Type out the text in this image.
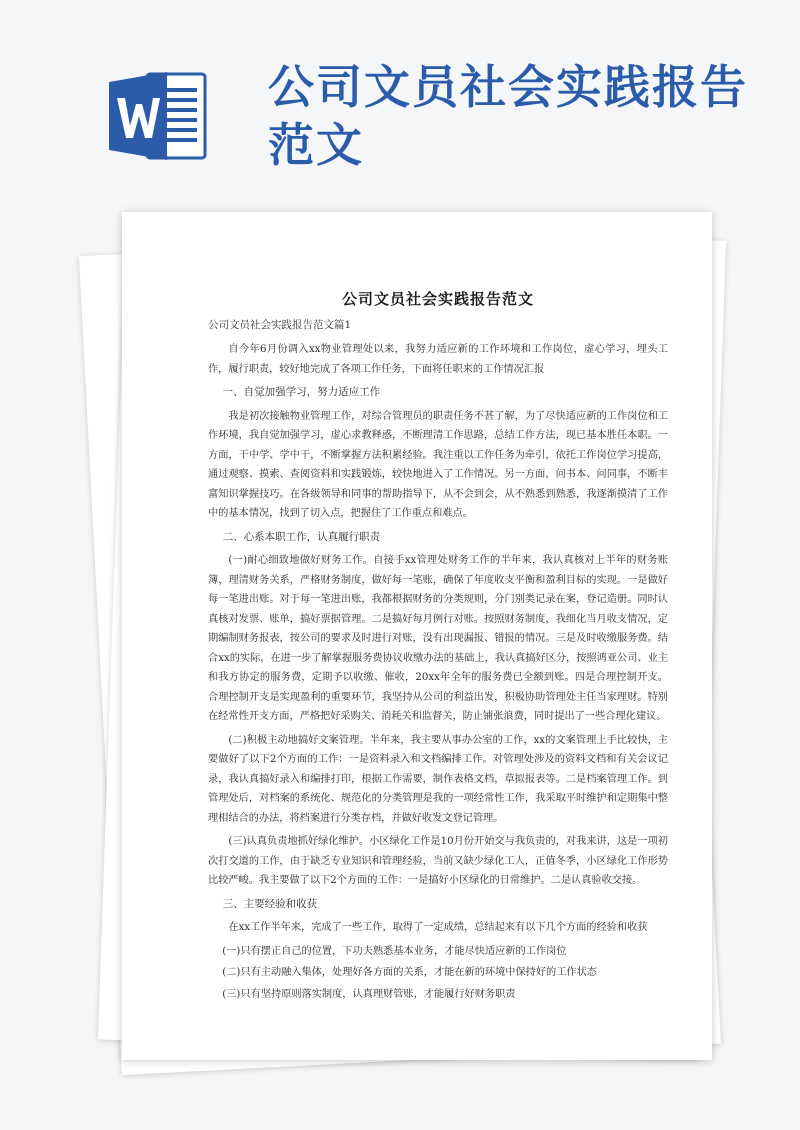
公司文员社会实践报告范文
公司文员社会实践报告范文

公司文员社会实践报告范文篇1

自今年6月份调入xx物业管理处以来，我努力适应新的工作环境和工作岗位，虚心学习，埋头工作，履行职责，较好地完成了各项工作任务，下面将任职来的工作情况汇报

一、自觉加强学习，努力适应工作

我是初次接触物业管理工作，对综合管理员的职责任务不甚了解，为了尽快适应新的工作岗位和工作环境，我自觉加强学习，虚心求教释惑，不断理清工作思路，总结工作方法，现已基本胜任本职。一方面，干中学、学中干，不断掌握方法积累经验。我注重以工作任务为牵引，依托工作岗位学习提高，通过观察、摸索、查阅资料和实践锻炼，较快地进入了工作情况。另一方面，问书本、问同事，不断丰富知识掌握技巧。在各级领导和同事的帮助指导下，从不会到会，从不熟悉到熟悉，我逐渐摸清了工作中的基本情况，找到了切入点，把握住了工作重点和难点。

二、心系本职工作，认真履行职责

(一)耐心细致地做好财务工作。自接手xx管理处财务工作的半年来，我认真核对上半年的财务账簿，理清财务关系，严格财务制度，做好每一笔账，确保了年度收支平衡和盈利目标的实现。一是做好每一笔进出账。对于每一笔进出账，我都根据财务的分类规则，分门别类记录在案，登记造册。同时认真核对发票、账单，搞好票据管理。二是搞好每月例行对账。按照财务制度，我细化当月收支情况，定期编制财务报表，按公司的要求及时进行对账，没有出现漏报、错报的情况。三是及时收缴服务费。结合xx的实际，在进一步了解掌握服务费协议收缴办法的基础上，我认真搞好区分，按照鸿亚公司、业主和我方协定的服务费，定期予以收缴、催收，20xx年全年的服务费已全额到账。四是合理控制开支。合理控制开支是实现盈利的重要环节，我坚持从公司的利益出发，积极协助管理处主任当家理财。特别在经常性开支方面，严格把好采购关、消耗关和监督关，防止铺张浪费，同时提出了一些合理化建议。

(二)积极主动地搞好文案管理。半年来，我主要从事办公室的工作，xx的文案管理上手比较快，主要做好了以下2个方面的工作：一是资料录入和文档编排工作。对管理处涉及的资料文档和有关会议记录，我认真搞好录入和编排打印，根据工作需要，制作表格文档，草拟报表等。二是档案管理工作。到管理处后，对档案的系统化、规范化的分类管理是我的一项经常性工作，我采取平时维护和定期集中整理相结合的办法，将档案进行分类存档，并做好收发文登记管理。

(三)认真负责地抓好绿化维护。小区绿化工作是10月份开始交与我负责的，对我来讲，这是一项初次打交道的工作，由于缺乏专业知识和管理经验，当前又缺少绿化工人，正值冬季，小区绿化工作形势比较严峻。我主要做了以下2个方面的工作：一是搞好小区绿化的日常维护。二是认真验收交接。

三、主要经验和收获

在xx工作半年来，完成了一些工作，取得了一定成绩，总结起来有以下几个方面的经验和收获

(一)只有摆正自己的位置，下功夫熟悉基本业务，才能尽快适应新的工作岗位

(二)只有主动融入集体，处理好各方面的关系，才能在新的环境中保持好的工作状态

(三)只有坚持原则落实制度，认真理财管账，才能履行好财务职责
